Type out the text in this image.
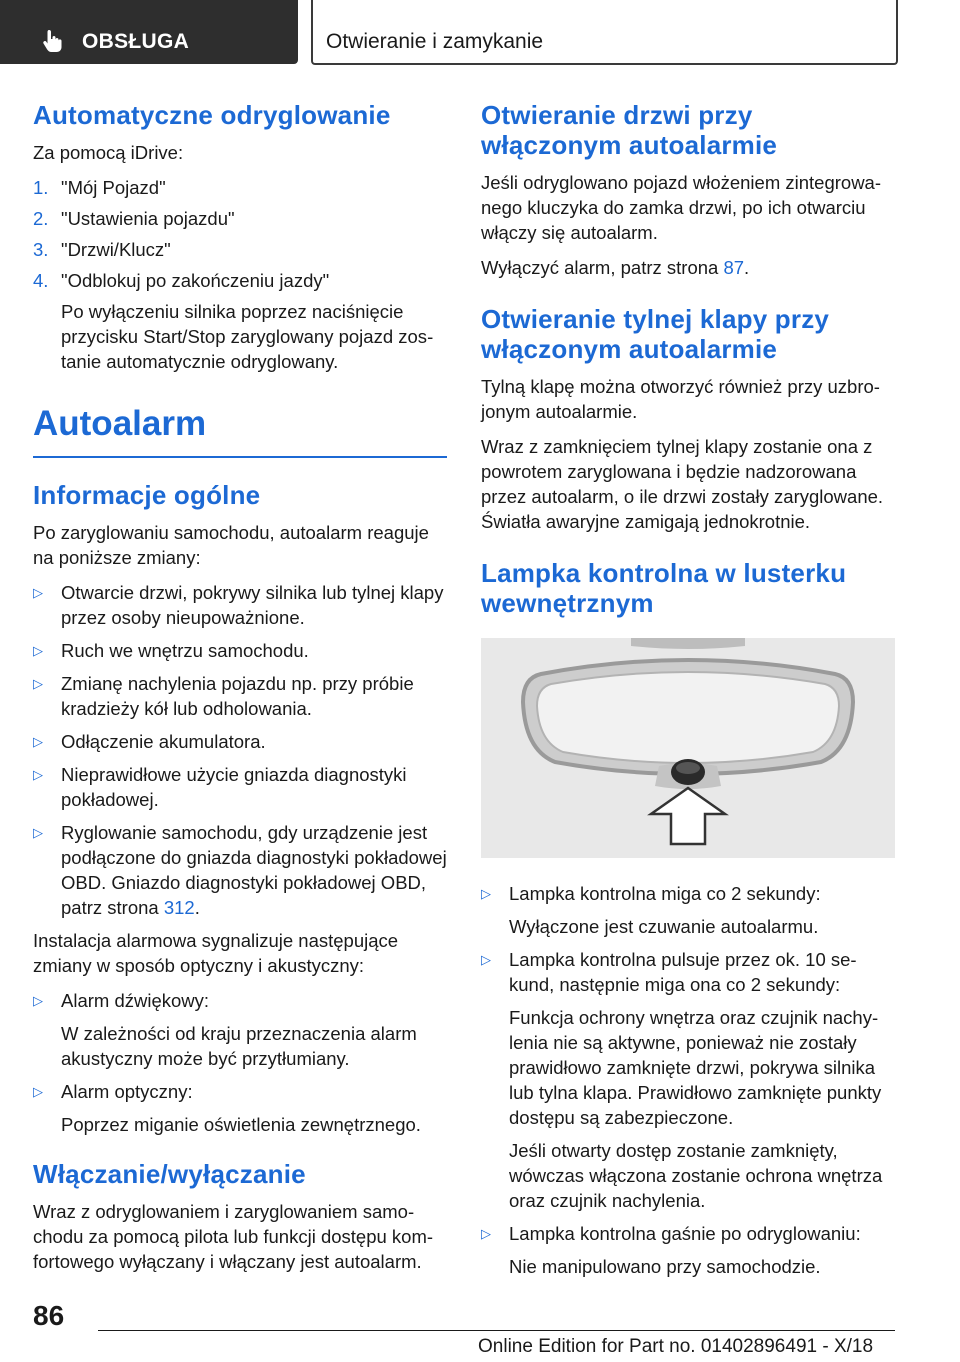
OBSŁUGA	Otwieranie i zamykanie
Automatyczne odryglowanie

Za pomocą iDrive:

1. "Mój Pojazd"
2. "Ustawienia pojazdu"
3. "Drzwi/Klucz"
4. "Odblokuj po zakończeniu jazdy"
Po wyłączeniu silnika poprzez naciśnięcie przycisku Start/Stop zaryglowany pojazd zostanie automatycznie odryglowany.
Autoalarm
Informacje ogólne

Po zaryglowaniu samochodu, autoalarm reaguje na poniższe zmiany:

▷ Otwarcie drzwi, pokrywy silnika lub tylnej klapy przez osoby nieupoważnione.
▷ Ruch we wnętrzu samochodu.
▷ Zmianę nachylenia pojazdu np. przy próbie kradzieży kół lub odholowania.
▷ Odłączenie akumulatora.
▷ Nieprawidłowe użycie gniazda diagnostyki pokładowej.
▷ Ryglowanie samochodu, gdy urządzenie jest podłączone do gniazda diagnostyki pokładowej OBD. Gniazdo diagnostyki pokładowej OBD, patrz strona 312.

Instalacja alarmowa sygnalizuje następujące zmiany w sposób optyczny i akustyczny:

▷ Alarm dźwiękowy:
W zależności od kraju przeznaczenia alarm akustyczny może być przytłumiany.
▷ Alarm optyczny:
Poprzez miganie oświetlenia zewnętrznego.
Włączanie/wyłączanie

Wraz z odryglowaniem i zaryglowaniem samochodu za pomocą pilota lub funkcji dostępu komfortowego wyłączany i włączany jest autoalarm.

Otwieranie drzwi przy włączonym autoalarmie

Jeśli odryglowano pojazd włożeniem zintegrowanego kluczyka do zamka drzwi, po ich otwarciu włączy się autoalarm.

Wyłączyć alarm, patrz strona 87.

Otwieranie tylnej klapy przy włączonym autoalarmie

Tylną klapę można otworzyć również przy uzbrojonym autoalarmie.

Wraz z zamknięciem tylnej klapy zostanie ona z powrotem zaryglowana i będzie nadzorowana przez autoalarm, o ile drzwi zostały zaryglowane. Światła awaryjne zamigają jednokrotnie.

Lampka kontrolna w lusterku wewnętrznym
▷ Lampka kontrolna miga co 2 sekundy:
Wyłączone jest czuwanie autoalarmu.
▷ Lampka kontrolna pulsuje przez ok. 10 sekund, następnie miga ona co 2 sekundy:
Funkcja ochrony wnętrza oraz czujnik nachylenia nie są aktywne, ponieważ nie zostały prawidłowo zamknięte drzwi, pokrywa silnika lub tylna klapa. Prawidłowo zamknięte punkty dostępu są zabezpieczone.
Jeśli otwarty dostęp zostanie zamknięty, wówczas włączona zostanie ochrona wnętrza oraz czujnik nachylenia.
▷ Lampka kontrolna gaśnie po odryglowaniu:
Nie manipulowano przy samochodzie.
86
Online Edition for Part no. 01402896491 - X/18
